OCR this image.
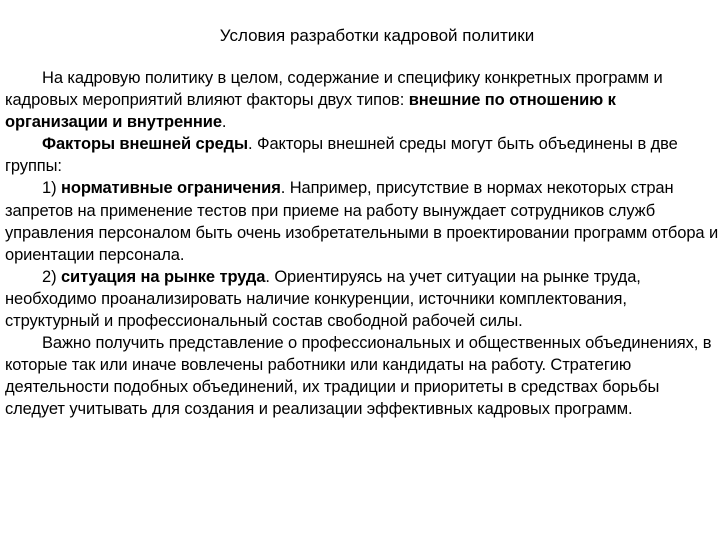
Условия разработки кадровой политики

На кадровую политику в целом, содержание и специфику конкретных программ и кадровых мероприятий влияют факторы двух типов: внешние по отношению к организации и внутренние.

Факторы внешней среды. Факторы внешней среды могут быть объединены в две группы:

1) нормативные ограничения. Например, присутствие в нормах некоторых стран запретов на применение тестов при приеме на работу вынуждает сотрудников служб управления персоналом быть очень изобретательными в проектировании программ отбора и ориентации персонала.

2) ситуация на рынке труда. Ориентируясь на учет ситуации на рынке труда, необходимо проанализировать наличие конкуренции, источники комплектования, структурный и профессиональный состав свободной рабочей силы.

Важно получить представление о профессиональных и общественных объединениях, в которые так или иначе вовлечены работники или кандидаты на работу. Стратегию деятельности подобных объединений, их традиции и приоритеты в средствах борьбы следует учитывать для создания и реализации эффективных кадровых программ.
